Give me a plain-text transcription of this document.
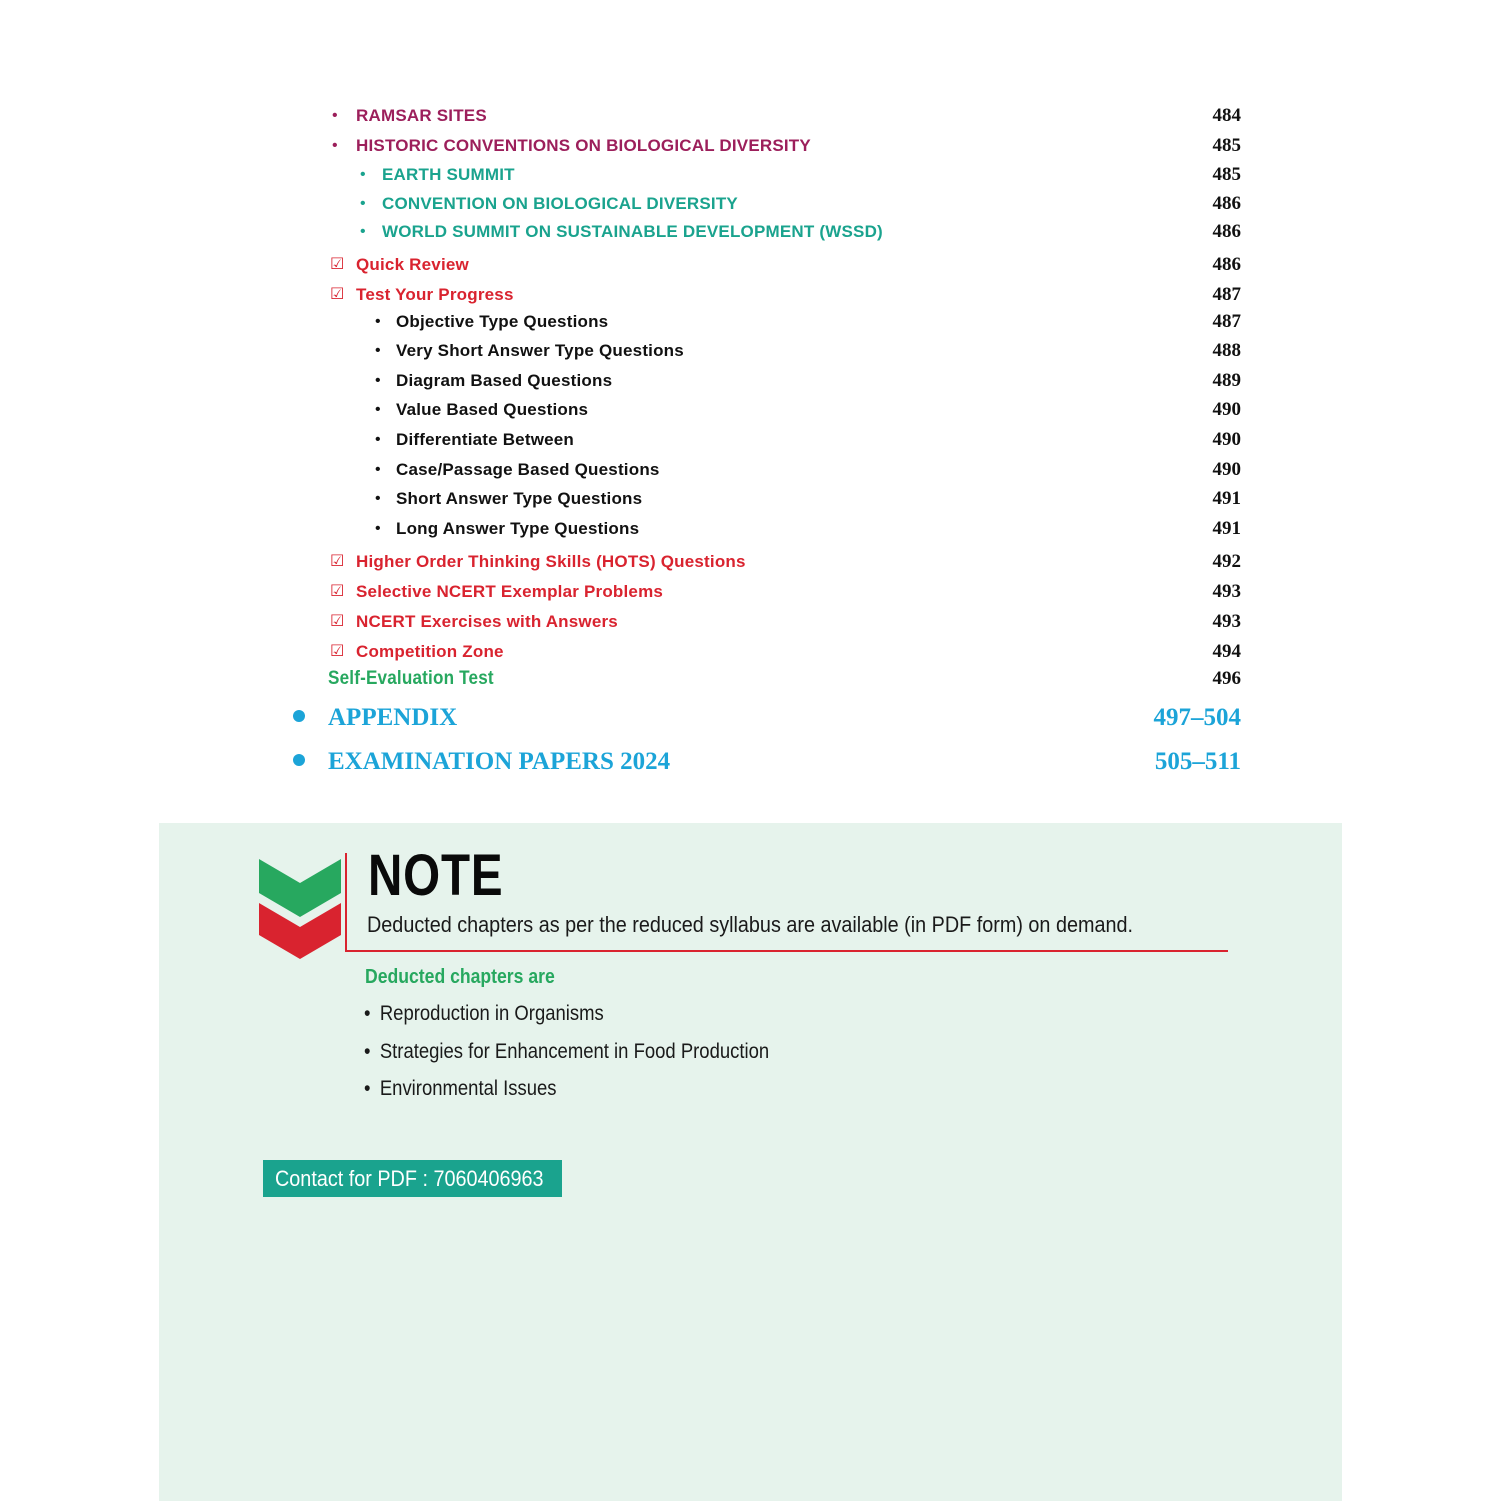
• RAMSAR SITES	484
• HISTORIC CONVENTIONS ON BIOLOGICAL DIVERSITY	485
• EARTH SUMMIT	485
• CONVENTION ON BIOLOGICAL DIVERSITY	486
• WORLD SUMMIT ON SUSTAINABLE DEVELOPMENT (WSSD)	486
☑ Quick Review	486
☑ Test Your Progress	487
• Objective Type Questions	487
• Very Short Answer Type Questions	488
• Diagram Based Questions	489
• Value Based Questions	490
• Differentiate Between	490
• Case/Passage Based Questions	490
• Short Answer Type Questions	491
• Long Answer Type Questions	491
☑ Higher Order Thinking Skills (HOTS) Questions	492
☑ Selective NCERT Exemplar Problems	493
☑ NCERT Exercises with Answers	493
☑ Competition Zone	494
Self-Evaluation Test	496
APPENDIX	497–504
EXAMINATION PAPERS 2024	505–511
NOTE
Deducted chapters as per the reduced syllabus are available (in PDF form) on demand.
Deducted chapters are
• Reproduction in Organisms
• Strategies for Enhancement in Food Production
• Environmental Issues
Contact for PDF : 7060406963
